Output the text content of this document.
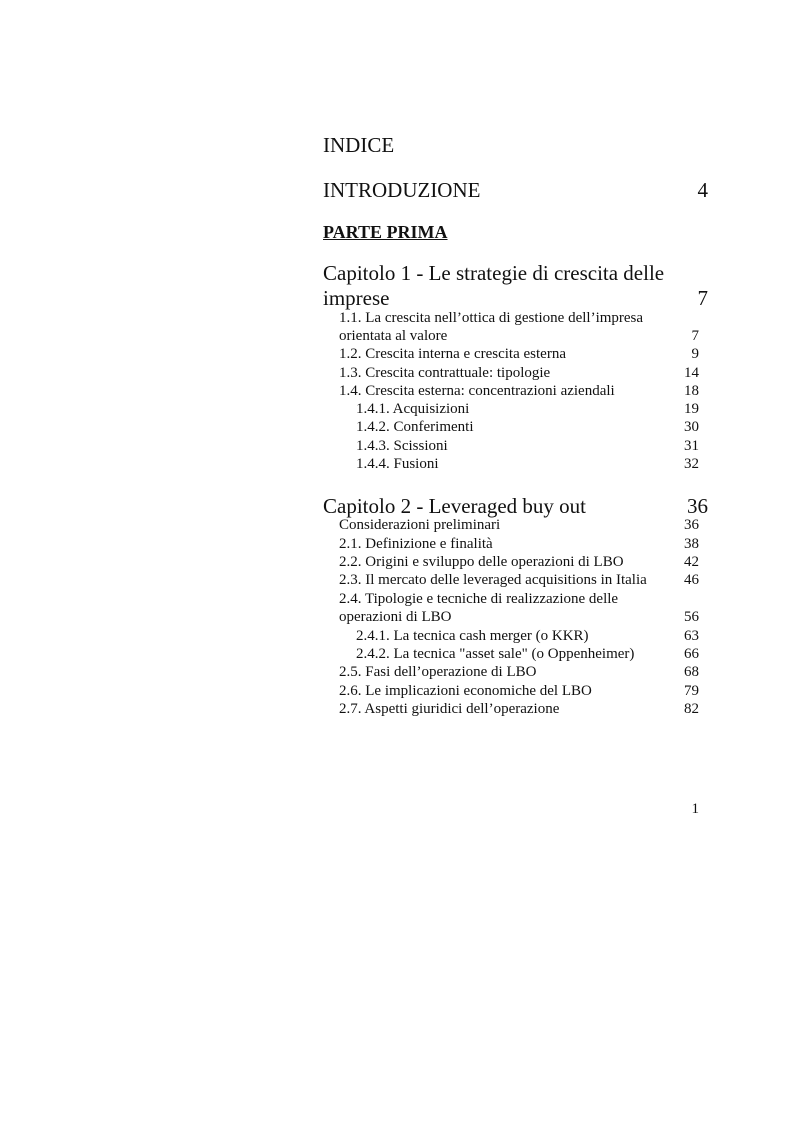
INDICE
INTRODUZIONE	4
PARTE PRIMA
Capitolo 1 - Le strategie di crescita delle
imprese	7
1.1. La crescita nell’ottica di gestione dell’impresa
orientata al valore	7
1.2. Crescita interna e crescita esterna	9
1.3. Crescita contrattuale: tipologie	14
1.4. Crescita esterna: concentrazioni aziendali	18
1.4.1. Acquisizioni	19
1.4.2. Conferimenti	30
1.4.3. Scissioni	31
1.4.4. Fusioni	32
Capitolo 2 - Leveraged buy out	36
Considerazioni preliminari	36
2.1. Definizione e finalità	38
2.2. Origini e sviluppo delle operazioni di LBO	42
2.3. Il mercato delle leveraged acquisitions in Italia	46
2.4. Tipologie e tecniche di realizzazione delle
operazioni di LBO	56
2.4.1. La tecnica cash merger (o KKR)	63
2.4.2. La tecnica "asset sale" (o Oppenheimer)	66
2.5. Fasi dell’operazione di LBO	68
2.6. Le implicazioni economiche del LBO	79
2.7. Aspetti giuridici dell’operazione	82
1
